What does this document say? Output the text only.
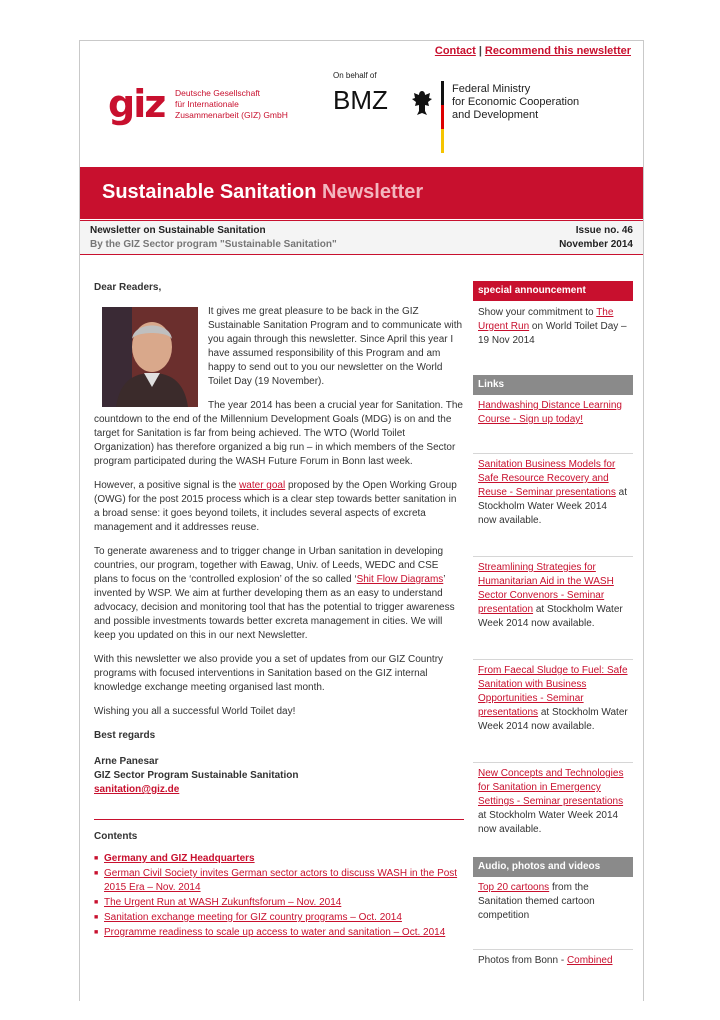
Contact | Recommend this newsletter
giz Deutsche Gesellschaft
für Internationale
Zusammenarbeit (GIZ) GmbH
On behalf of
BMZ	Federal Ministry
for Economic Cooperation
and Development
Sustainable Sanitation Newsletter
Newsletter on Sustainable Sanitation
By the GIZ Sector program "Sustainable Sanitation"
Issue no. 46
November 2014

Dear Readers,

It gives me great pleasure to be back in the GIZ Sustainable Sanitation Program and to communicate with you again through this newsletter. Since April this year I have assumed responsibility of this Program and am happy to send out to you our newsletter on the World Toilet Day (19 November).

The year 2014 has been a crucial year for Sanitation. The countdown to the end of the Millennium Development Goals (MDG) is on and the target for Sanitation is far from being achieved. The WTO (World Toilet Organization) has therefore organized a big run – in which members of the Sector program participated during the WASH Future Forum in Bonn last week.

However, a positive signal is the water goal proposed by the Open Working Group (OWG) for the post 2015 process which is a clear step towards better sanitation in a broad sense: it goes beyond toilets, it includes several aspects of excreta management and it addresses reuse.

To generate awareness and to trigger change in Urban sanitation in developing countries, our program, together with Eawag, Univ. of Leeds, WEDC and CSE plans to focus on the ‘controlled explosion’ of the so called ‘Shit Flow Diagrams’ invented by WSP. We aim at further developing them as an easy to understand advocacy, decision and monitoring tool that has the potential to trigger awareness and possible investments towards better excreta management in cities. We will keep you updated on this in our next Newsletter.

With this newsletter we also provide you a set of updates from our GIZ Country programs with focused interventions in Sanitation based on the GIZ internal knowledge exchange meeting organised last month.

Wishing you all a successful World Toilet day!

Best regards

Arne Panesar

GIZ Sector Program Sustainable Sanitation

sanitation@giz.de

Contents
■ Germany and GIZ Headquarters
■ German Civil Society invites German sector actors to discuss WASH in the Post 2015 Era – Nov. 2014
■ The Urgent Run at WASH Zukunftsforum – Nov. 2014
■ Sanitation exchange meeting for GIZ country programs – Oct. 2014
■ Programme readiness to scale up access to water and sanitation – Oct. 2014
special announcement
Show your commitment to The Urgent Run on World Toilet Day – 19 Nov 2014
Links
Handwashing Distance Learning Course - Sign up today!
Sanitation Business Models for Safe Resource Recovery and Reuse - Seminar presentations at Stockholm Water Week 2014 now available.
Streamlining Strategies for Humanitarian Aid in the WASH Sector Convenors - Seminar presentation at Stockholm Water Week 2014 now available.
From Faecal Sludge to Fuel: Safe Sanitation with Business Opportunities - Seminar presentations at Stockholm Water Week 2014 now available.
New Concepts and Technologies for Sanitation in Emergency Settings - Seminar presentations at Stockholm Water Week 2014 now available.
Audio, photos and videos
Top 20 cartoons from the Sanitation themed cartoon competition
Photos from Bonn - Combined
